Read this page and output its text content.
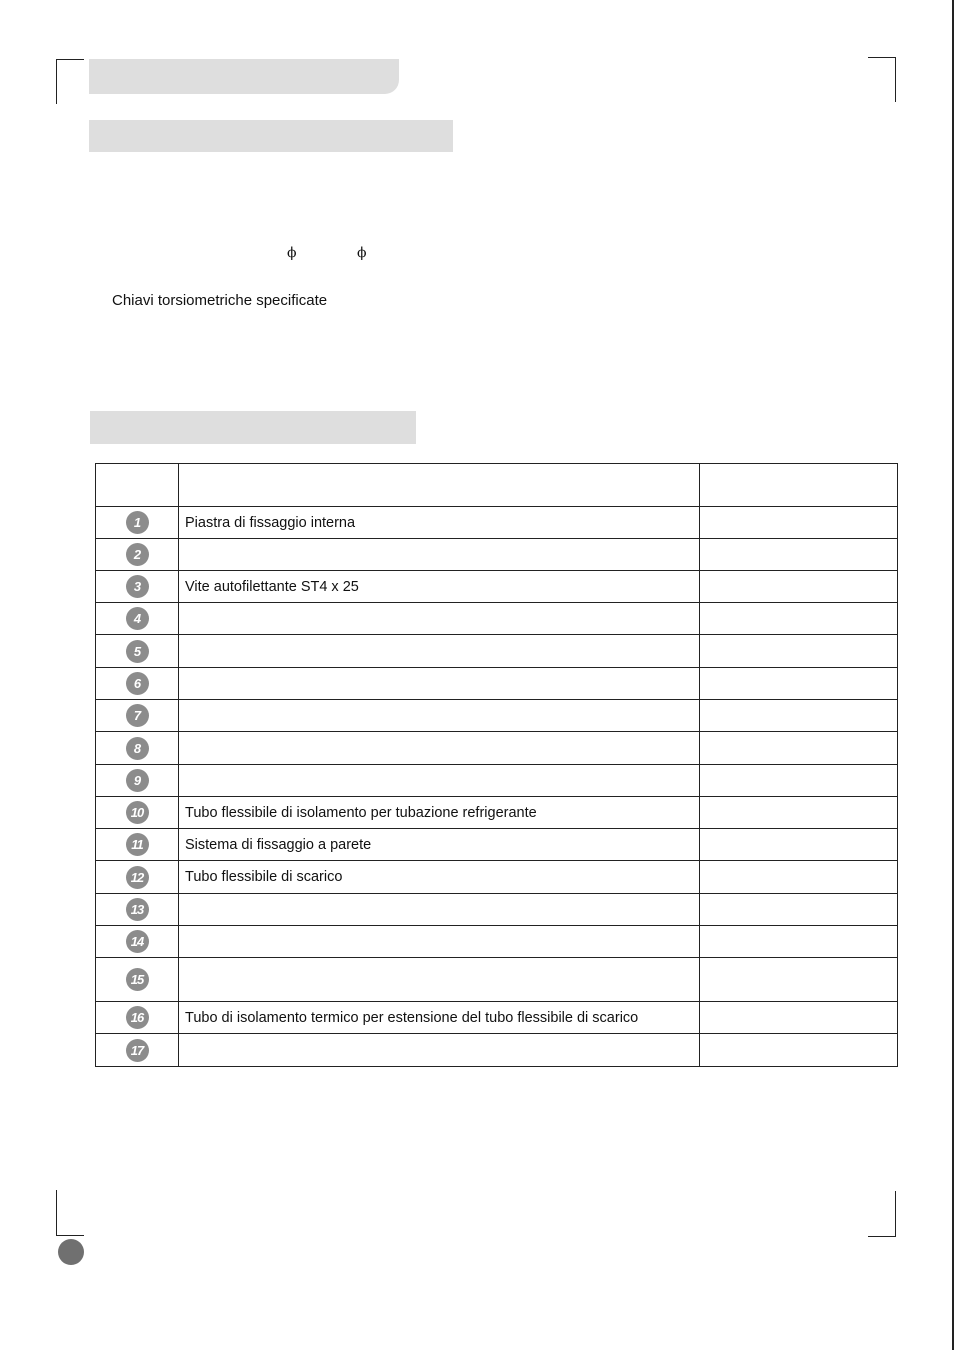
ϕ	ϕ
Chiavi torsiometriche specificate

1	Piastra di fissaggio interna	
2		
3	Vite autofilettante ST4 x 25	
4		
5		
6		
7		
8		
9		
10	Tubo flessibile di isolamento per tubazione refrigerante	
11	Sistema di fissaggio a parete	
12	Tubo flessibile di scarico	
13		
14		
15		
16	Tubo di isolamento termico per estensione del tubo flessibile di scarico	
17		
